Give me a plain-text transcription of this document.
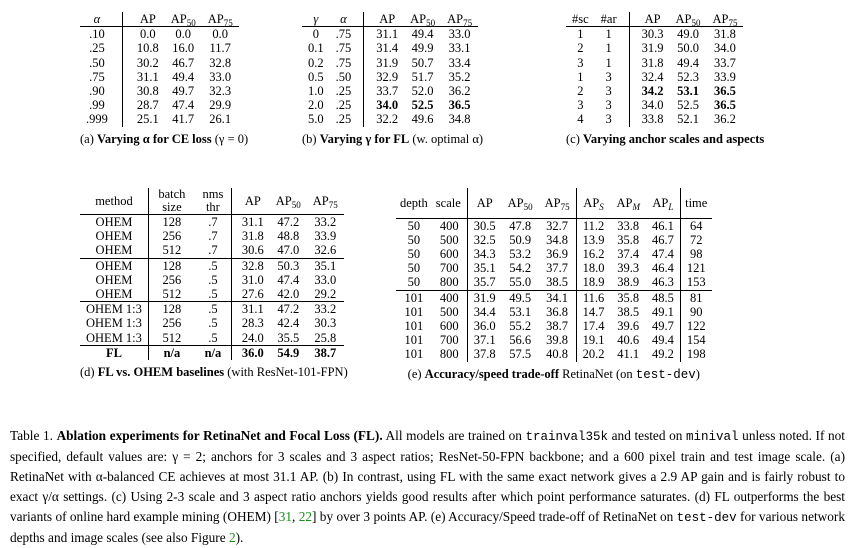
α	AP	$AP_{50}$	$AP_{75}$
.10	0.0	0.0	0.0
.25	10.8	16.0	11.7
.50	30.2	46.7	32.8
.75	31.1	49.4	33.0
.90	30.8	49.7	32.3
.99	28.7	47.4	29.9
.999	25.1	41.7	26.1
(a) Varying α for CE loss (γ = 0)
γ	α	AP	$AP_{50}$	$AP_{75}$
0	.75	31.1	49.4	33.0
0.1	.75	31.4	49.9	33.1
0.2	.75	31.9	50.7	33.4
0.5	.50	32.9	51.7	35.2
1.0	.25	33.7	52.0	36.2
2.0	.25	34.0	52.5	36.5
5.0	.25	32.2	49.6	34.8
(b) Varying γ for FL (w. optimal α)
#sc	#ar	AP	$AP_{50}$	$AP_{75}$
1	1	30.3	49.0	31.8
2	1	31.9	50.0	34.0
3	1	31.8	49.4	33.7
1	3	32.4	52.3	33.9
2	3	34.2	53.1	36.5
3	3	34.0	52.5	36.5
4	3	33.8	52.1	36.2
(c) Varying anchor scales and aspects
method	batch size	nms thr	AP	$AP_{50}$	$AP_{75}$
OHEM	128	.7	31.1	47.2	33.2
OHEM	256	.7	31.8	48.8	33.9
OHEM	512	.7	30.6	47.0	32.6
OHEM	128	.5	32.8	50.3	35.1
OHEM	256	.5	31.0	47.4	33.0
OHEM	512	.5	27.6	42.0	29.2
OHEM 1:3	128	.5	31.1	47.2	33.2
OHEM 1:3	256	.5	28.3	42.4	30.3
OHEM 1:3	512	.5	24.0	35.5	25.8
FL	n/a	n/a	36.0	54.9	38.7
(d) FL vs. OHEM baselines (with ResNet-101-FPN)
depth	scale	AP	$AP_{50}$	$AP_{75}$	$AP_S$	$AP_M$	$AP_L$	time
50	400	30.5	47.8	32.7	11.2	33.8	46.1	64
50	500	32.5	50.9	34.8	13.9	35.8	46.7	72
50	600	34.3	53.2	36.9	16.2	37.4	47.4	98
50	700	35.1	54.2	37.7	18.0	39.3	46.4	121
50	800	35.7	55.0	38.5	18.9	38.9	46.3	153
101	400	31.9	49.5	34.1	11.6	35.8	48.5	81
101	500	34.4	53.1	36.8	14.7	38.5	49.1	90
101	600	36.0	55.2	38.7	17.4	39.6	49.7	122
101	700	37.1	56.6	39.8	19.1	40.6	49.4	154
101	800	37.8	57.5	40.8	20.2	41.1	49.2	198
(e) Accuracy/speed trade-off RetinaNet (on test-dev)
Table 1. Ablation experiments for RetinaNet and Focal Loss (FL). All models are trained on trainval35k and tested on minival unless noted. If not specified, default values are: γ = 2; anchors for 3 scales and 3 aspect ratios; ResNet-50-FPN backbone; and a 600 pixel train and test image scale. (a) RetinaNet with α-balanced CE achieves at most 31.1 AP. (b) In contrast, using FL with the same exact network gives a 2.9 AP gain and is fairly robust to exact γ/α settings. (c) Using 2-3 scale and 3 aspect ratio anchors yields good results after which point performance saturates. (d) FL outperforms the best variants of online hard example mining (OHEM) [31, 22] by over 3 points AP. (e) Accuracy/Speed trade-off of RetinaNet on test-dev for various network depths and image scales (see also Figure 2).
